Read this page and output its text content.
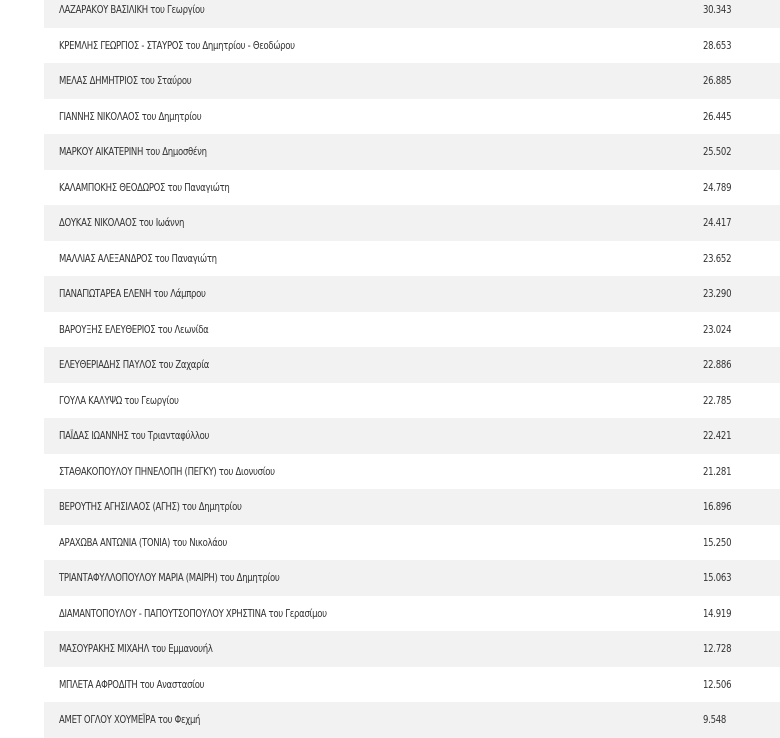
ΛΑΖΑΡΑΚΟΥ ΒΑΣΙΛΙΚΗ του Γεωργίου	30.343
ΚΡΕΜΛΗΣ ΓΕΩΡΓΙΟΣ - ΣΤΑΥΡΟΣ του Δημητρίου - Θεοδώρου	28.653
ΜΕΛΑΣ ΔΗΜΗΤΡΙΟΣ του Σταύρου	26.885
ΓΙΑΝΝΗΣ ΝΙΚΟΛΑΟΣ του Δημητρίου	26.445
ΜΑΡΚΟΥ ΑΙΚΑΤΕΡΙΝΗ του Δημοσθένη	25.502
ΚΑΛΑΜΠΟΚΗΣ ΘΕΟΔΩΡΟΣ του Παναγιώτη	24.789
ΔΟΥΚΑΣ ΝΙΚΟΛΑΟΣ του Ιωάννη	24.417
ΜΑΛΛΙΑΣ ΑΛΕΞΑΝΔΡΟΣ του Παναγιώτη	23.652
ΠΑΝΑΓΙΩΤΑΡΕΑ ΕΛΕΝΗ του Λάμπρου	23.290
ΒΑΡΟΥΞΗΣ ΕΛΕΥΘΕΡΙΟΣ του Λεωνίδα	23.024
ΕΛΕΥΘΕΡΙΑΔΗΣ ΠΑΥΛΟΣ του Ζαχαρία	22.886
ΓΟΥΛΑ ΚΑΛΥΨΩ του Γεωργίου	22.785
ΠΑΪΔΑΣ ΙΩΑΝΝΗΣ του Τριανταφύλλου	22.421
ΣΤΑΘΑΚΟΠΟΥΛΟΥ ΠΗΝΕΛΟΠΗ (ΠΕΓΚΥ) του Διονυσίου	21.281
ΒΕΡΟΥΤΗΣ ΑΓΗΣΙΛΑΟΣ (ΑΓΗΣ) του Δημητρίου	16.896
ΑΡΑΧΩΒΑ ΑΝΤΩΝΙΑ (ΤΟΝΙΑ) του Νικολάου	15.250
ΤΡΙΑΝΤΑΦΥΛΛΟΠΟΥΛΟΥ ΜΑΡΙΑ (ΜΑΙΡΗ) του Δημητρίου	15.063
ΔΙΑΜΑΝΤΟΠΟΥΛΟΥ - ΠΑΠΟΥΤΣΟΠΟΥΛΟΥ ΧΡΗΣΤΙΝΑ του Γερασίμου	14.919
ΜΑΣΟΥΡΑΚΗΣ ΜΙΧΑΗΛ του Εμμανουήλ	12.728
ΜΠΛΕΤΑ ΑΦΡΟΔΙΤΗ του Αναστασίου	12.506
ΑΜΕΤ ΟΓΛΟΥ ΧΟΥΜΕΪΡΑ του Φεχμή	9.548
